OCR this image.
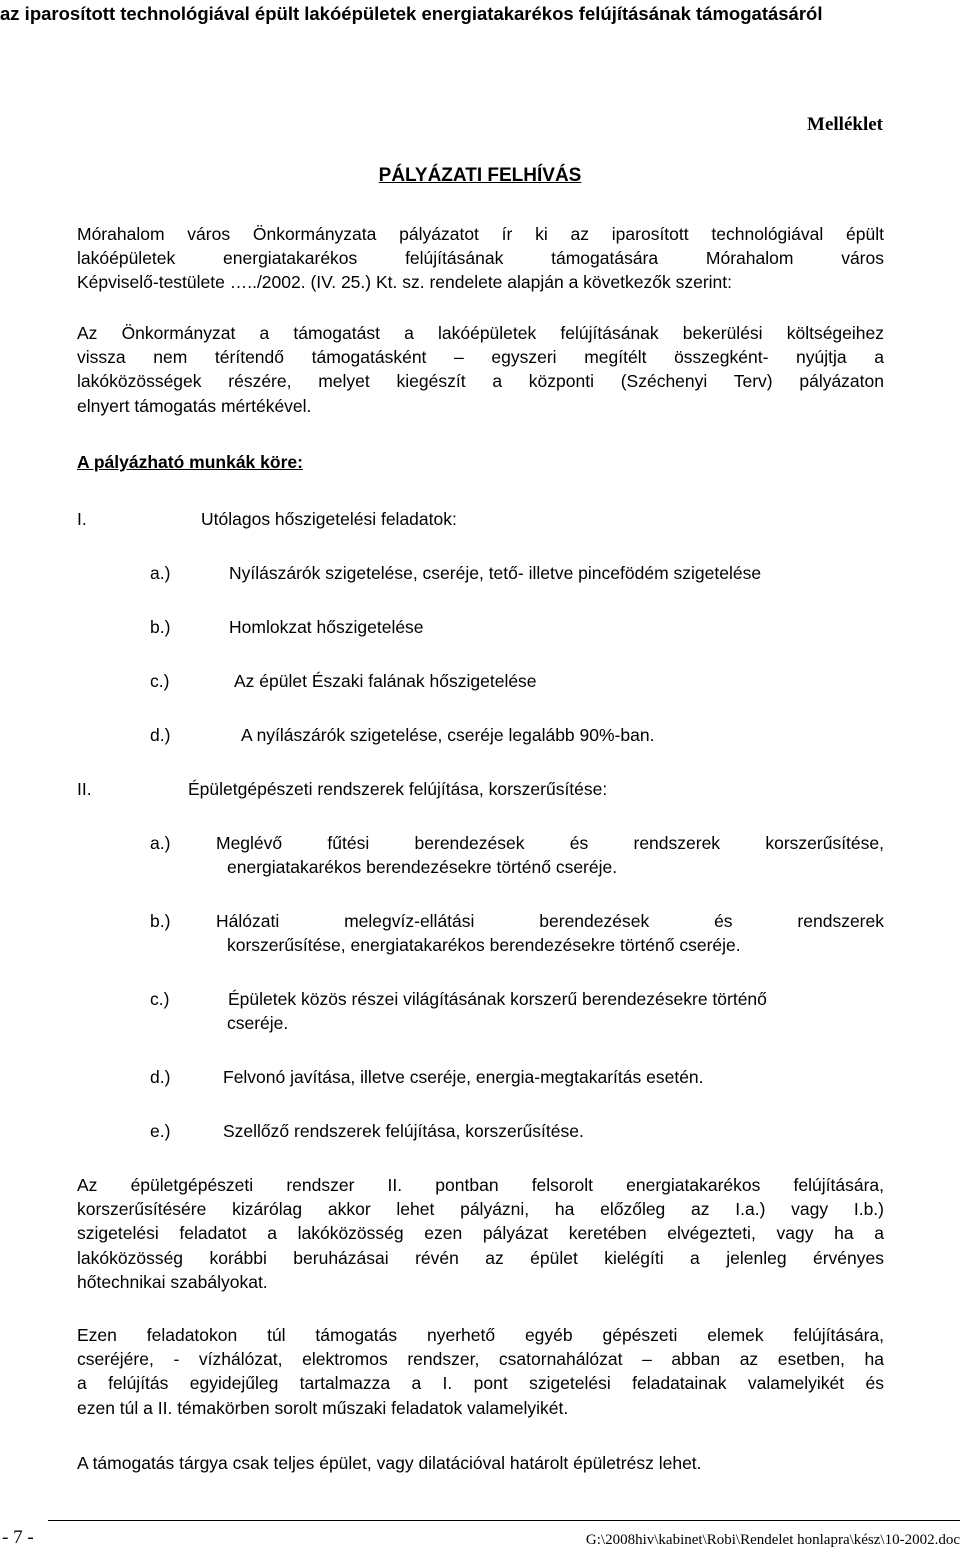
az iparosított technológiával épült lakóépületek energiatakarékos felújításának támogatásáról
Melléklet
PÁLYÁZATI FELHÍVÁS
Mórahalom város Önkormányzata pályázatot ír ki az iparosított technológiával épült
lakóépületek energiatakarékos felújításának támogatására Mórahalom város
Képviselő-testülete …../2002. (IV. 25.) Kt. sz. rendelete alapján a következők szerint:
Az Önkormányzat a támogatást a lakóépületek felújításának bekerülési költségeihez
vissza nem térítendő támogatásként – egyszeri megítélt összegként- nyújtja a
lakóközösségek részére, melyet kiegészít a központi (Széchenyi Terv) pályázaton
elnyert támogatás mértékével.
A pályázható munkák köre:
I.	Utólagos hőszigetelési feladatok:
a.)	Nyílászárók szigetelése, cseréje, tető- illetve pincefödém szigetelése
b.)	Homlokzat hőszigetelése
c.)	Az épület Északi falának hőszigetelése
d.)	A nyílászárók szigetelése, cseréje legalább 90%-ban.
II.	Épületgépészeti rendszerek felújítása, korszerűsítése:
a.)	Meglévő fűtési berendezések és rendszerek korszerűsítése,
energiatakarékos berendezésekre történő cseréje.
b.)	Hálózati melegvíz-ellátási berendezések és rendszerek
korszerűsítése, energiatakarékos berendezésekre történő cseréje.
c.)	Épületek közös részei világításának korszerű berendezésekre történő
cseréje.
d.)	Felvonó javítása, illetve cseréje, energia-megtakarítás esetén.
e.)	Szellőző rendszerek felújítása, korszerűsítése.
Az épületgépészeti rendszer II. pontban felsorolt energiatakarékos felújítására,
korszerűsítésére kizárólag akkor lehet pályázni, ha előzőleg az I.a.) vagy I.b.)
szigetelési feladatot a lakóközösség ezen pályázat keretében elvégezteti, vagy ha a
lakóközösség korábbi beruházásai révén az épület kielégíti a jelenleg érvényes
hőtechnikai szabályokat.
Ezen feladatokon túl támogatás nyerhető egyéb gépészeti elemek felújítására,
cseréjére, - vízhálózat, elektromos rendszer, csatornahálózat – abban az esetben, ha
a felújítás egyidejűleg tartalmazza a I. pont szigetelési feladatainak valamelyikét és
ezen túl a II. témakörben sorolt műszaki feladatok valamelyikét.
A támogatás tárgya csak teljes épület, vagy dilatációval határolt épületrész lehet.
- 7 -	G:\2008hiv\kabinet\Robi\Rendelet honlapra\kész\10-2002.doc
